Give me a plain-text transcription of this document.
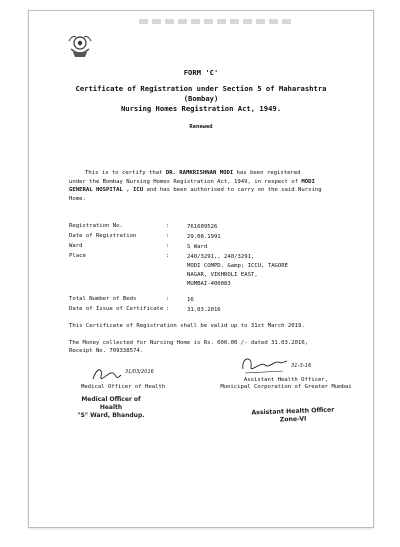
FORM 'C'
Certificate of Registration under Section 5 of Maharashtra
(Bombay)
Nursing Homes Registration Act, 1949.
Renewed
This is to certify that DR. RAMKRISHNAN MODI has been registered
under the Bombay Nursing Homes Registration Act, 1949, in respect of MODI
GENERAL HOSPITAL , ICU and has been authorised to carry on the said Nursing
Home.
Registration No.	:	761609526
Date of Registration	:	29.08.1991
Ward	:	S Ward
Place	:	240/3291,, 240/3291,
MODI COMPD. &amp; ICCU, TAGORE
NAGAR, VIKHROLI EAST,
MUMBAI-400083
Total Number of Beds	:	16
Date of Issue of Certificate :	31.03.2016
This Certificate of Registration shall be valid up to 31st March 2019.
The Money collected for Nursing Home is Rs. 600.00 /- dated 31.03.2016,
Receipt No. 709338574.
31/03/2016
Medical Officer of Health
31-3-16
Assistant Health Officer,
Municipal Corporation of Greater Mumbai
Medical Officer of Health
"S" Ward, Bhandup.	Assistant Health Officer
Zone-VI
